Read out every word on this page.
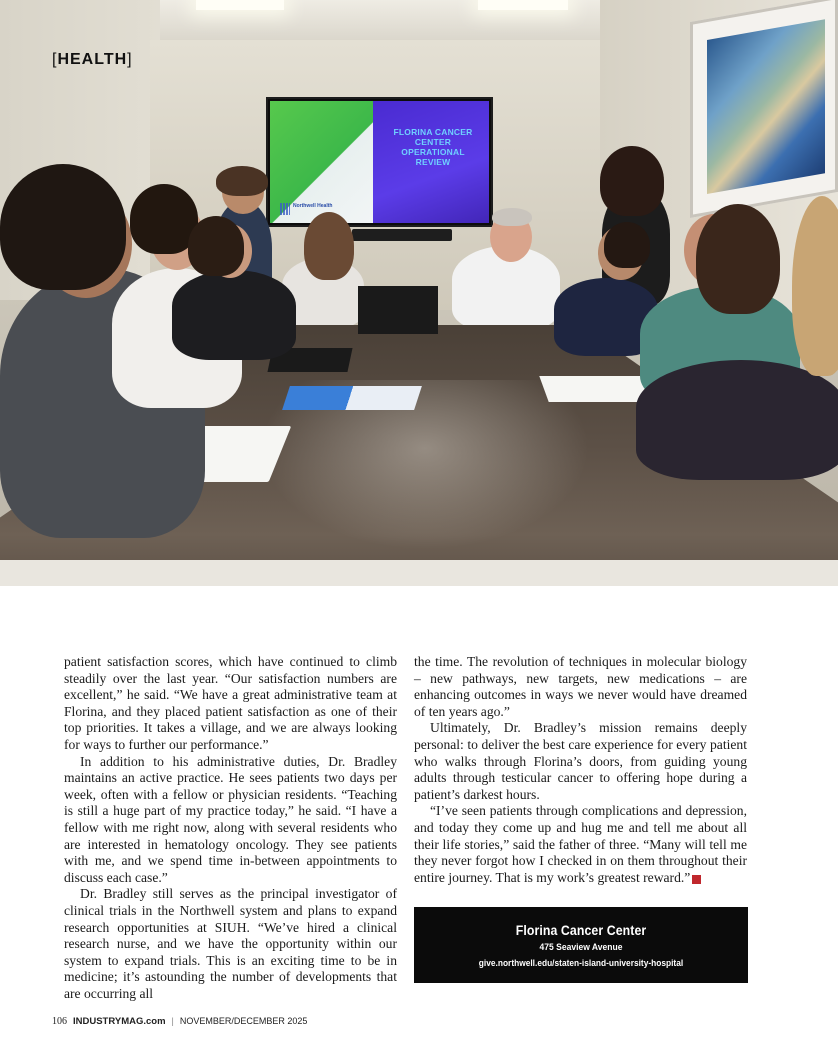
Northwell Health
FLORINA CANCER CENTER OPERATIONAL REVIEW
[HEALTH]

patient satisfaction scores, which have continued to climb steadily over the last year. “Our satisfaction numbers are excellent,” he said. “We have a great administrative team at Florina, and they placed patient satisfaction as one of their top priorities. It takes a village, and we are always looking for ways to further our performance.”

In addition to his administrative duties, Dr. Bradley maintains an active practice. He sees patients two days per week, often with a fellow or physician residents. “Teaching is still a huge part of my practice today,” he said. “I have a fellow with me right now, along with several residents who are interested in hematology oncology. They see patients with me, and we spend time in-between appointments to discuss each case.”

Dr. Bradley still serves as the principal investigator of clinical trials in the Northwell system and plans to expand research opportunities at SIUH. “We’ve hired a clinical research nurse, and we have the opportunity within our system to expand trials. This is an exciting time to be in medicine; it’s astounding the number of developments that are occurring all

the time. The revolution of techniques in molecular biology – new pathways, new targets, new medications – are enhancing outcomes in ways we never would have dreamed of ten years ago.”

Ultimately, Dr. Bradley’s mission remains deeply personal: to deliver the best care experience for every patient who walks through Florina’s doors, from guiding young adults through testicular cancer to offering hope during a patient’s darkest hours.

“I’ve seen patients through complications and depression, and today they come up and hug me and tell me about all their life stories,” said the father of three. “Many will tell me they never forgot how I checked in on them throughout their entire journey. That is my work’s greatest reward.”	I

Florina Cancer Center
475 Seaview Avenue
give.northwell.edu/staten-island-university-hospital
106 INDUSTRYMAG.com | NOVEMBER/DECEMBER 2025
